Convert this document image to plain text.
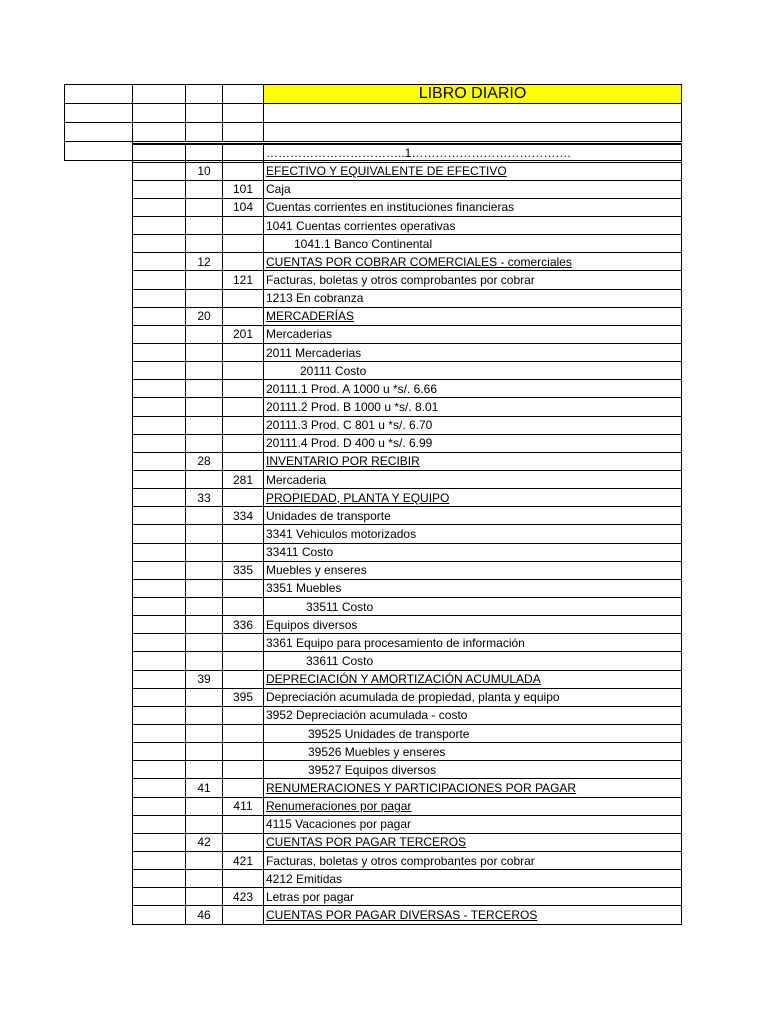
				LIBRO DIARIO

			……………………………..1………………………………….
	10		EFECTIVO Y EQUIVALENTE DE EFECTIVO
		101	Caja
		104	Cuentas corrientes en instituciones financieras
			1041 Cuentas corrientes operativas
			1041.1 Banco Continental
	12		CUENTAS POR COBRAR COMERCIALES - comerciales
		121	Facturas, boletas y otros comprobantes por cobrar
			1213 En cobranza
	20		MERCADERÍAS
		201	Mercaderias
			2011 Mercaderias
			20111 Costo
			20111.1 Prod. A 1000 u *s/. 6.66
			20111.2 Prod. B 1000 u *s/. 8.01
			20111.3 Prod. C 801 u *s/. 6.70
			20111.4 Prod. D 400 u *s/. 6.99
	28		INVENTARIO POR RECIBIR
		281	Mercaderia
	33		PROPIEDAD, PLANTA Y EQUIPO
		334	Unidades de transporte
			3341 Vehiculos motorizados
			33411 Costo
		335	Muebles y enseres
			3351 Muebles
			33511 Costo
		336	Equipos diversos
			3361 Equipo para procesamiento de información
			33611 Costo
	39		DEPRECIACIÓN Y AMORTIZACIÓN ACUMULADA
		395	Depreciación acumulada de propiedad, planta y equipo
			3952 Depreciación acumulada - costo
			39525 Unidades de transporte
			39526 Muebles y enseres
			39527 Equipos diversos
	41		RENUMERACIONES Y PARTICIPACIONES POR PAGAR
		411	Renumeraciones por pagar
			4115 Vacaciones por pagar
	42		CUENTAS POR PAGAR TERCEROS
		421	Facturas, boletas y otros comprobantes por cobrar
			4212 Emitidas
		423	Letras por pagar
	46		CUENTAS POR PAGAR DIVERSAS - TERCEROS
